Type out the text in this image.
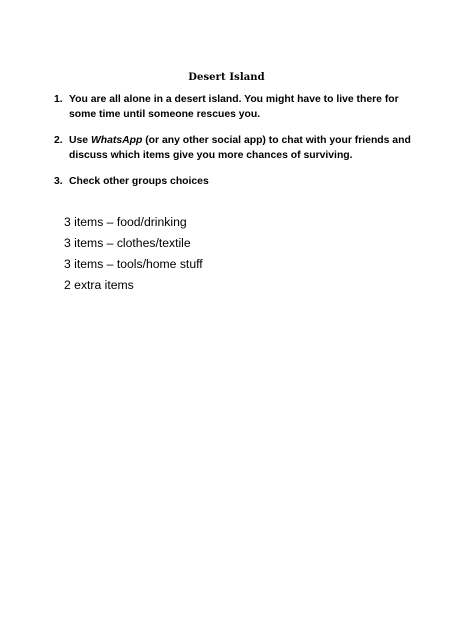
Desert Island
1. You are all alone in a desert island. You might have to live there for some time until someone rescues you.
2. Use WhatsApp (or any other social app) to chat with your friends and discuss which items give you more chances of surviving.
3. Check other groups choices
3 items – food/drinking
3 items – clothes/textile
3 items – tools/home stuff
2 extra items
